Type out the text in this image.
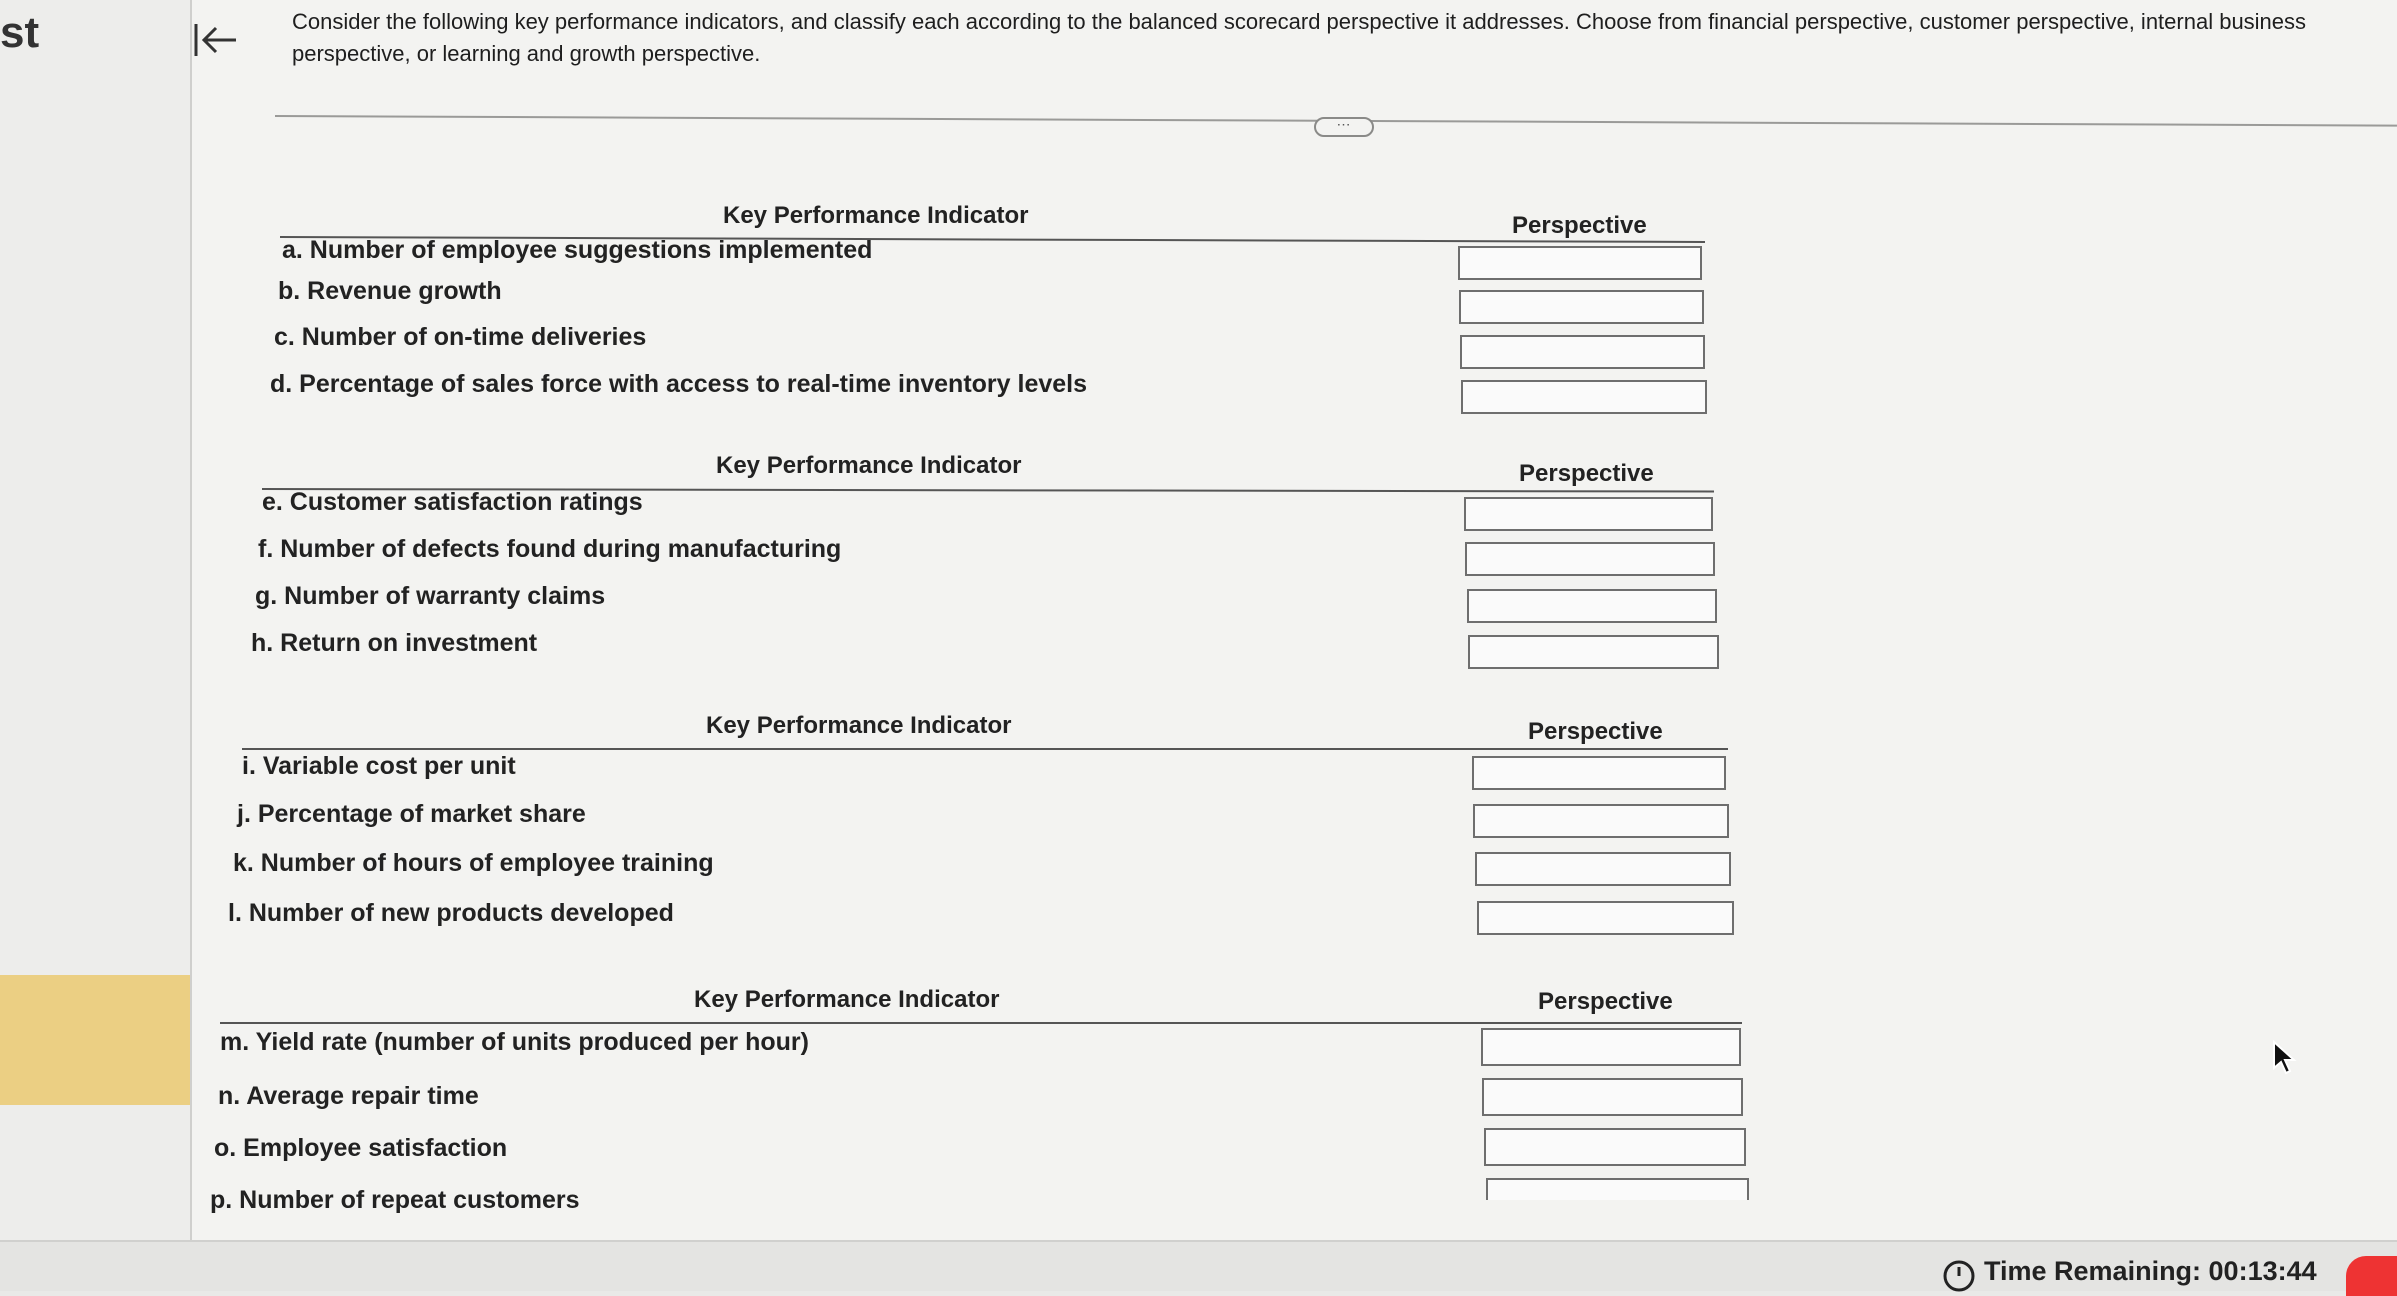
st	Consider the following key performance indicators, and classify each according to the balanced scorecard perspective it addresses. Choose from financial perspective, customer perspective, internal business perspective, or learning and growth perspective.
⋯
Key Performance Indicator	Perspective
a. Number of employee suggestions implemented
b. Revenue growth
c. Number of on-time deliveries
d. Percentage of sales force with access to real-time inventory levels
Key Performance Indicator	Perspective
e. Customer satisfaction ratings
f. Number of defects found during manufacturing
g. Number of warranty claims
h. Return on investment
Key Performance Indicator	Perspective
i. Variable cost per unit
j. Percentage of market share
k. Number of hours of employee training
l. Number of new products developed
Key Performance Indicator	Perspective
m. Yield rate (number of units produced per hour)
n. Average repair time
o. Employee satisfaction
p. Number of repeat customers
Time Remaining: 00:13:44
